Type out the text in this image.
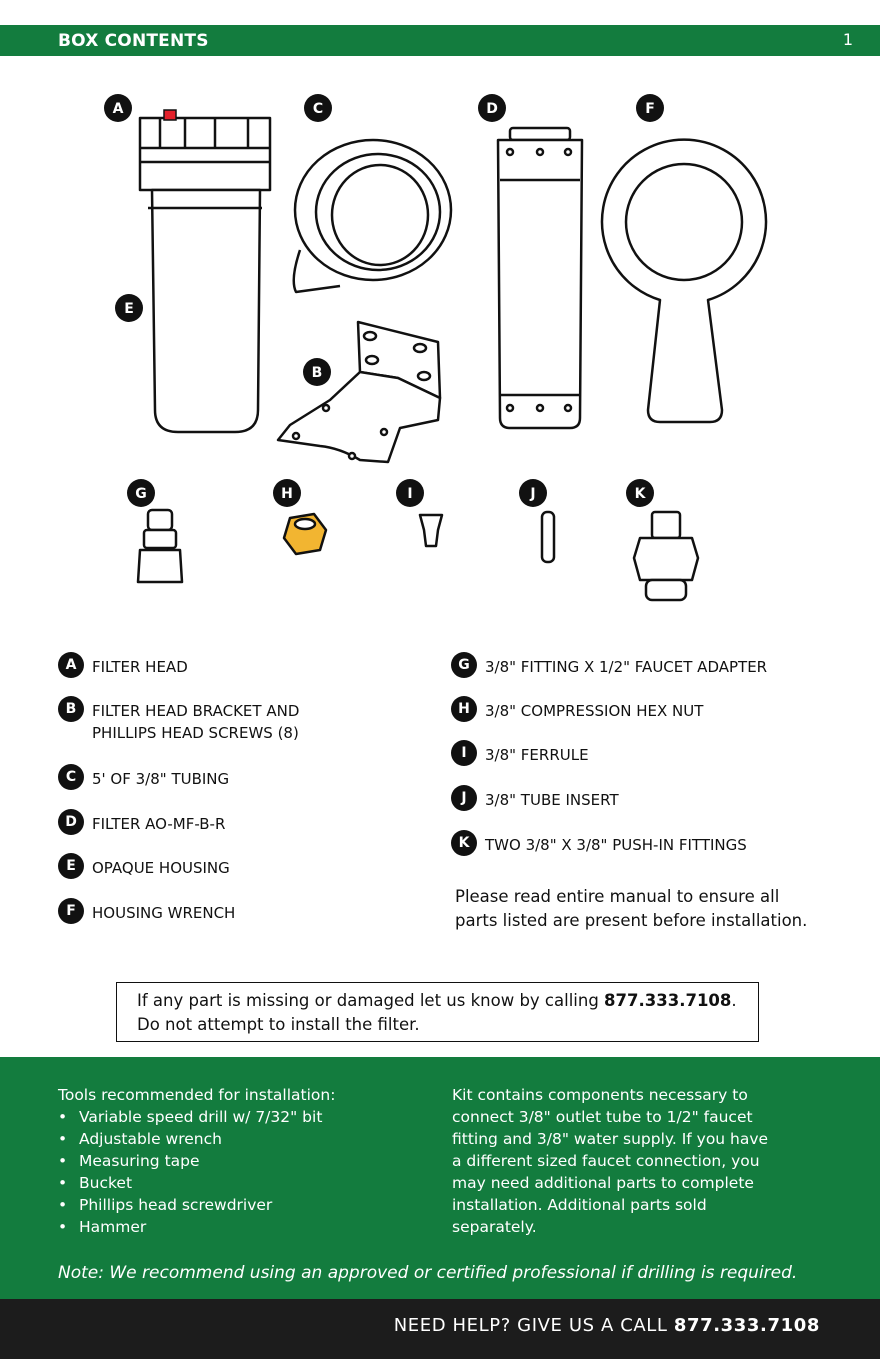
BOX CONTENTS	1
A	C	D	F
E
B
G	H	I	J	K
A	FILTER HEAD
B	FILTER HEAD BRACKET AND
PHILLIPS HEAD SCREWS (8)
C	5' OF 3/8" TUBING
D	FILTER AO-MF-B-R
E	OPAQUE HOUSING
F	HOUSING WRENCH
G	3/8" FITTING X 1/2" FAUCET ADAPTER
H	3/8" COMPRESSION HEX NUT
I	3/8" FERRULE
J	3/8" TUBE INSERT
K	TWO 3/8" X 3/8" PUSH-IN FITTINGS
Please read entire manual to ensure all
parts listed are present before installation.
If any part is missing or damaged let us know by calling 877.333.7108.
Do not attempt to install the filter.
Tools recommended for installation:
• Variable speed drill w/ 7/32" bit
• Adjustable wrench
• Measuring tape
• Bucket
• Phillips head screwdriver
• Hammer
Kit contains components necessary to
connect 3/8" outlet tube to 1/2" faucet
fitting and 3/8" water supply. If you have
a different sized faucet connection, you
may need additional parts to complete
installation. Additional parts sold
separately.
Note: We recommend using an approved or certified professional if drilling is required.
NEED HELP? GIVE US A CALL 877.333.7108
